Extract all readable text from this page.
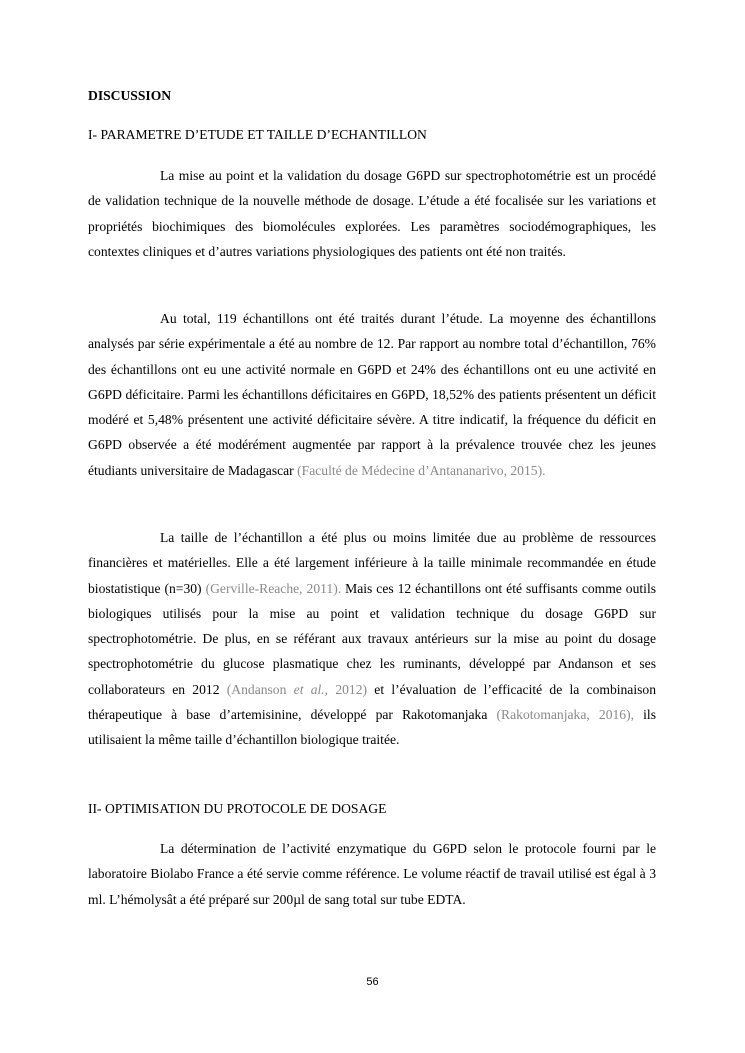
DISCUSSION
I- PARAMETRE D’ETUDE ET TAILLE D’ECHANTILLON

La mise au point et la validation du dosage G6PD sur spectrophotométrie est un procédé de validation technique de la nouvelle méthode de dosage. L’étude a été focalisée sur les variations et propriétés biochimiques des biomolécules explorées. Les paramètres sociodémographiques, les contextes cliniques et d’autres variations physiologiques des patients ont été non traités.

Au total, 119 échantillons ont été traités durant l’étude. La moyenne des échantillons analysés par série expérimentale a été au nombre de 12. Par rapport au nombre total d’échantillon, 76% des échantillons ont eu une activité normale en G6PD et 24% des échantillons ont eu une activité en G6PD déficitaire. Parmi les échantillons déficitaires en G6PD, 18,52% des patients présentent un déficit modéré et 5,48% présentent une activité déficitaire sévère. A titre indicatif, la fréquence du déficit en G6PD observée a été modérément augmentée par rapport à la prévalence trouvée chez les jeunes étudiants universitaire de Madagascar (Faculté de Médecine d’Antananarivo, 2015).

La taille de l’échantillon a été plus ou moins limitée due au problème de ressources financières et matérielles. Elle a été largement inférieure à la taille minimale recommandée en étude biostatistique (n=30) (Gerville-Reache, 2011). Mais ces 12 échantillons ont été suffisants comme outils biologiques utilisés pour la mise au point et validation technique du dosage G6PD sur spectrophotométrie. De plus, en se référant aux travaux antérieurs sur la mise au point du dosage spectrophotométrie du glucose plasmatique chez les ruminants, développé par Andanson et ses collaborateurs en 2012 (Andanson et al., 2012) et l’évaluation de l’efficacité de la combinaison thérapeutique à base d’artemisinine, développé par Rakotomanjaka (Rakotomanjaka, 2016), ils utilisaient la même taille d’échantillon biologique traitée.

II- OPTIMISATION DU PROTOCOLE DE DOSAGE

La détermination de l’activité enzymatique du G6PD selon le protocole fourni par le laboratoire Biolabo France a été servie comme référence. Le volume réactif de travail utilisé est égal à 3 ml. L’hémolysât a été préparé sur 200µl de sang total sur tube EDTA.

56
